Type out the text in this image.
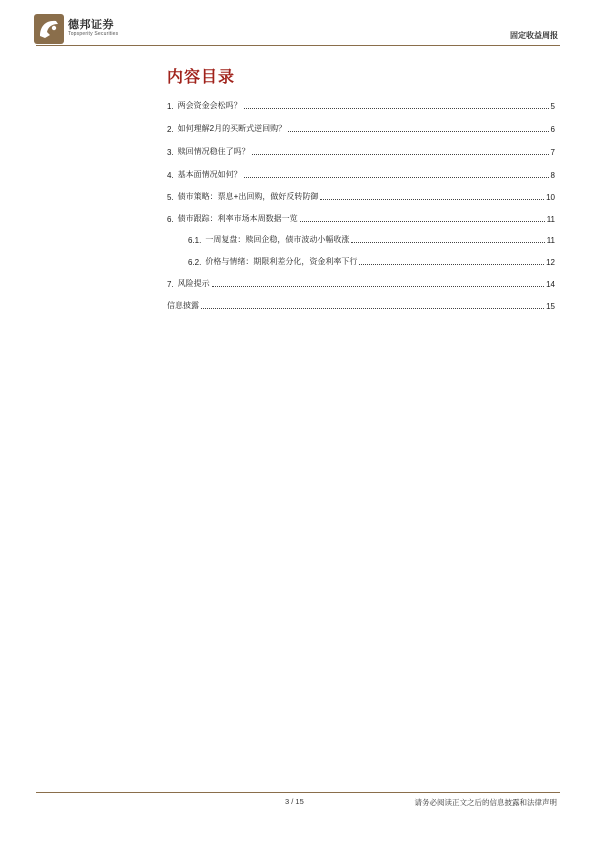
德邦证券
Topsperity Securities	固定收益周报
内容目录
1. 两会资金会松吗？	5
2. 如何理解2月的买断式逆回购？	6
3. 赎回情况稳住了吗？	7
4. 基本面情况如何？	8
5. 债市策略：票息+出回购，做好反转防御	10
6. 债市跟踪：利率市场本周数据一览	11
6.1. 一周复盘：赎回企稳，债市波动小幅收涨	11
6.2. 价格与情绪：期限利差分化，资金利率下行	12
7. 风险提示	14
信息披露	15
3 / 15	请务必阅读正文之后的信息披露和法律声明
